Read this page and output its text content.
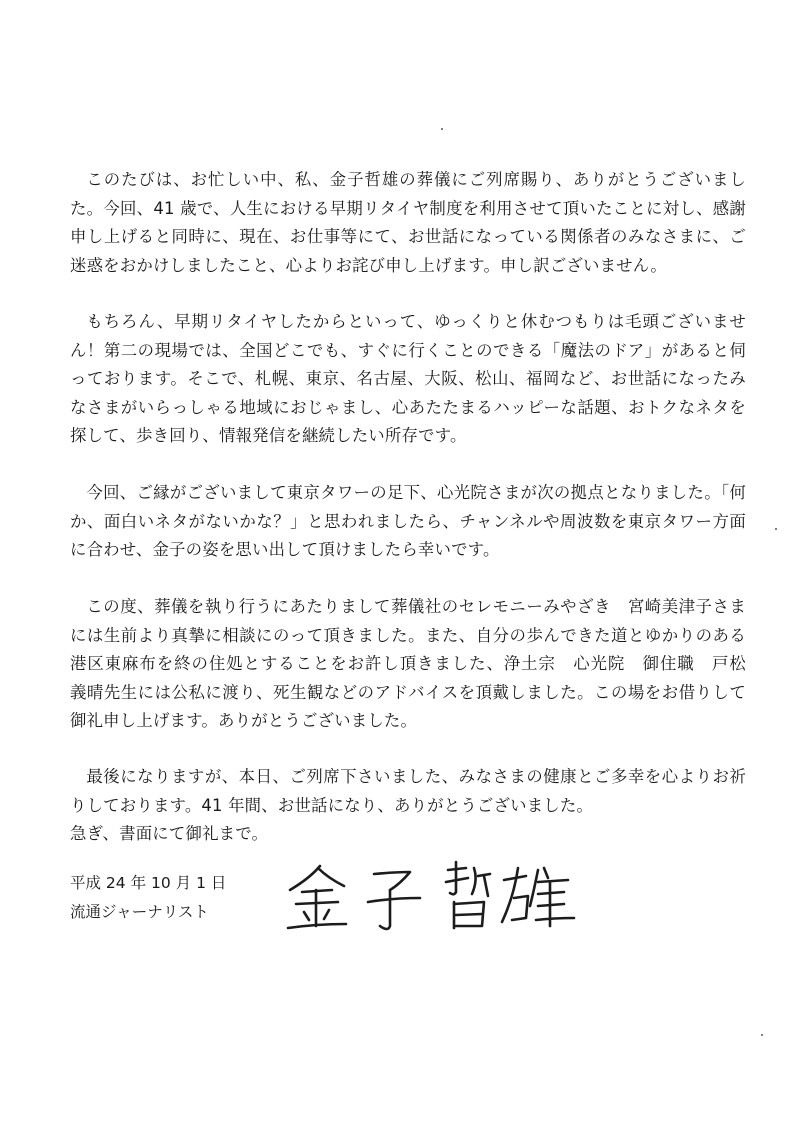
このたびは、お忙しい中、私、金子哲雄の葬儀にご列席賜り、ありがとうございました。今回、41 歳で、人生における早期リタイヤ制度を利用させて頂いたことに対し、感謝申し上げると同時に、現在、お仕事等にて、お世話になっている関係者のみなさまに、ご迷惑をおかけしましたこと、心よりお詫び申し上げます。申し訳ございません。

もちろん、早期リタイヤしたからといって、ゆっくりと休むつもりは毛頭ございません！第二の現場では、全国どこでも、すぐに行くことのできる「魔法のドア」があると伺っております。そこで、札幌、東京、名古屋、大阪、松山、福岡など、お世話になったみなさまがいらっしゃる地域におじゃまし、心あたたまるハッピーな話題、おトクなネタを探して、歩き回り、情報発信を継続したい所存です。

今回、ご縁がございまして東京タワーの足下、心光院さまが次の拠点となりました。「何か、面白いネタがないかな？」と思われましたら、チャンネルや周波数を東京タワー方面に合わせ、金子の姿を思い出して頂けましたら幸いです。

この度、葬儀を執り行うにあたりまして葬儀社のセレモニーみやざき　宮崎美津子さまには生前より真摯に相談にのって頂きました。また、自分の歩んできた道とゆかりのある港区東麻布を終の住処とすることをお許し頂きました、浄土宗　心光院　御住職　戸松　義晴先生には公私に渡り、死生観などのアドバイスを頂戴しました。この場をお借りして御礼申し上げます。ありがとうございました。

最後になりますが、本日、ご列席下さいました、みなさまの健康とご多幸を心よりお祈りしております。41 年間、お世話になり、ありがとうございました。
急ぎ、書面にて御礼まで。

平成 24 年 10 月 1 日

流通ジャーナリスト
